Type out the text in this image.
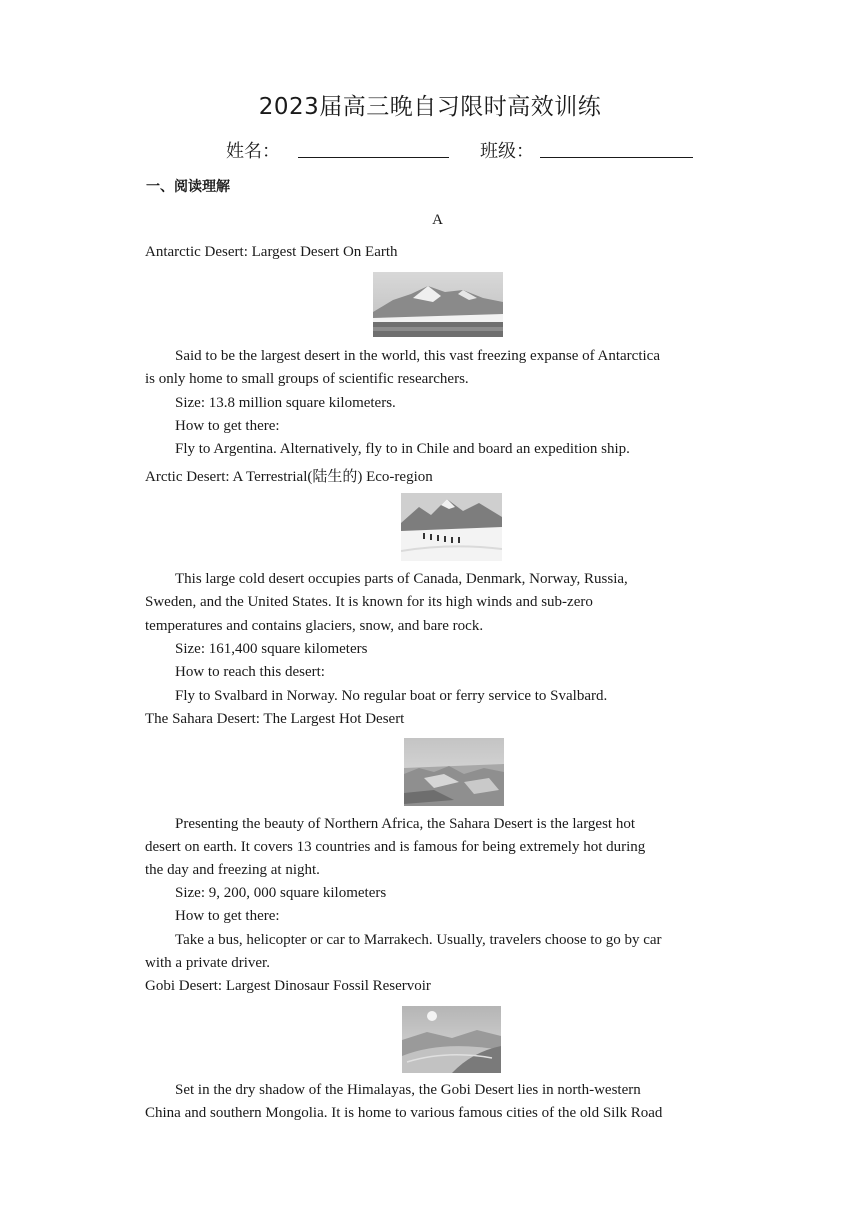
2023届高三晚自习限时高效训练
姓名：	班级：
一、阅读理解
A
Antarctic Desert: Largest Desert On Earth
Said to be the largest desert in the world, this vast freezing expanse of Antarctica
is only home to small groups of scientific researchers.
Size: 13.8 million square kilometers.
How to get there:
Fly to Argentina. Alternatively, fly to in Chile and board an expedition ship.
Arctic Desert: A Terrestrial(陆生的) Eco-region
This large cold desert occupies parts of Canada, Denmark, Norway, Russia,
Sweden, and the United States. It is known for its high winds and sub-zero
temperatures and contains glaciers, snow, and bare rock.
Size: 161,400 square kilometers
How to reach this desert:
Fly to Svalbard in Norway. No regular boat or ferry service to Svalbard.
The Sahara Desert: The Largest Hot Desert
Presenting the beauty of Northern Africa, the Sahara Desert is the largest hot
desert on earth. It covers 13 countries and is famous for being extremely hot during
the day and freezing at night.
Size: 9, 200, 000 square kilometers
How to get there:
Take a bus, helicopter or car to Marrakech. Usually, travelers choose to go by car
with a private driver.
Gobi Desert: Largest Dinosaur Fossil Reservoir
Set in the dry shadow of the Himalayas, the Gobi Desert lies in north-western
China and southern Mongolia. It is home to various famous cities of the old Silk Road
